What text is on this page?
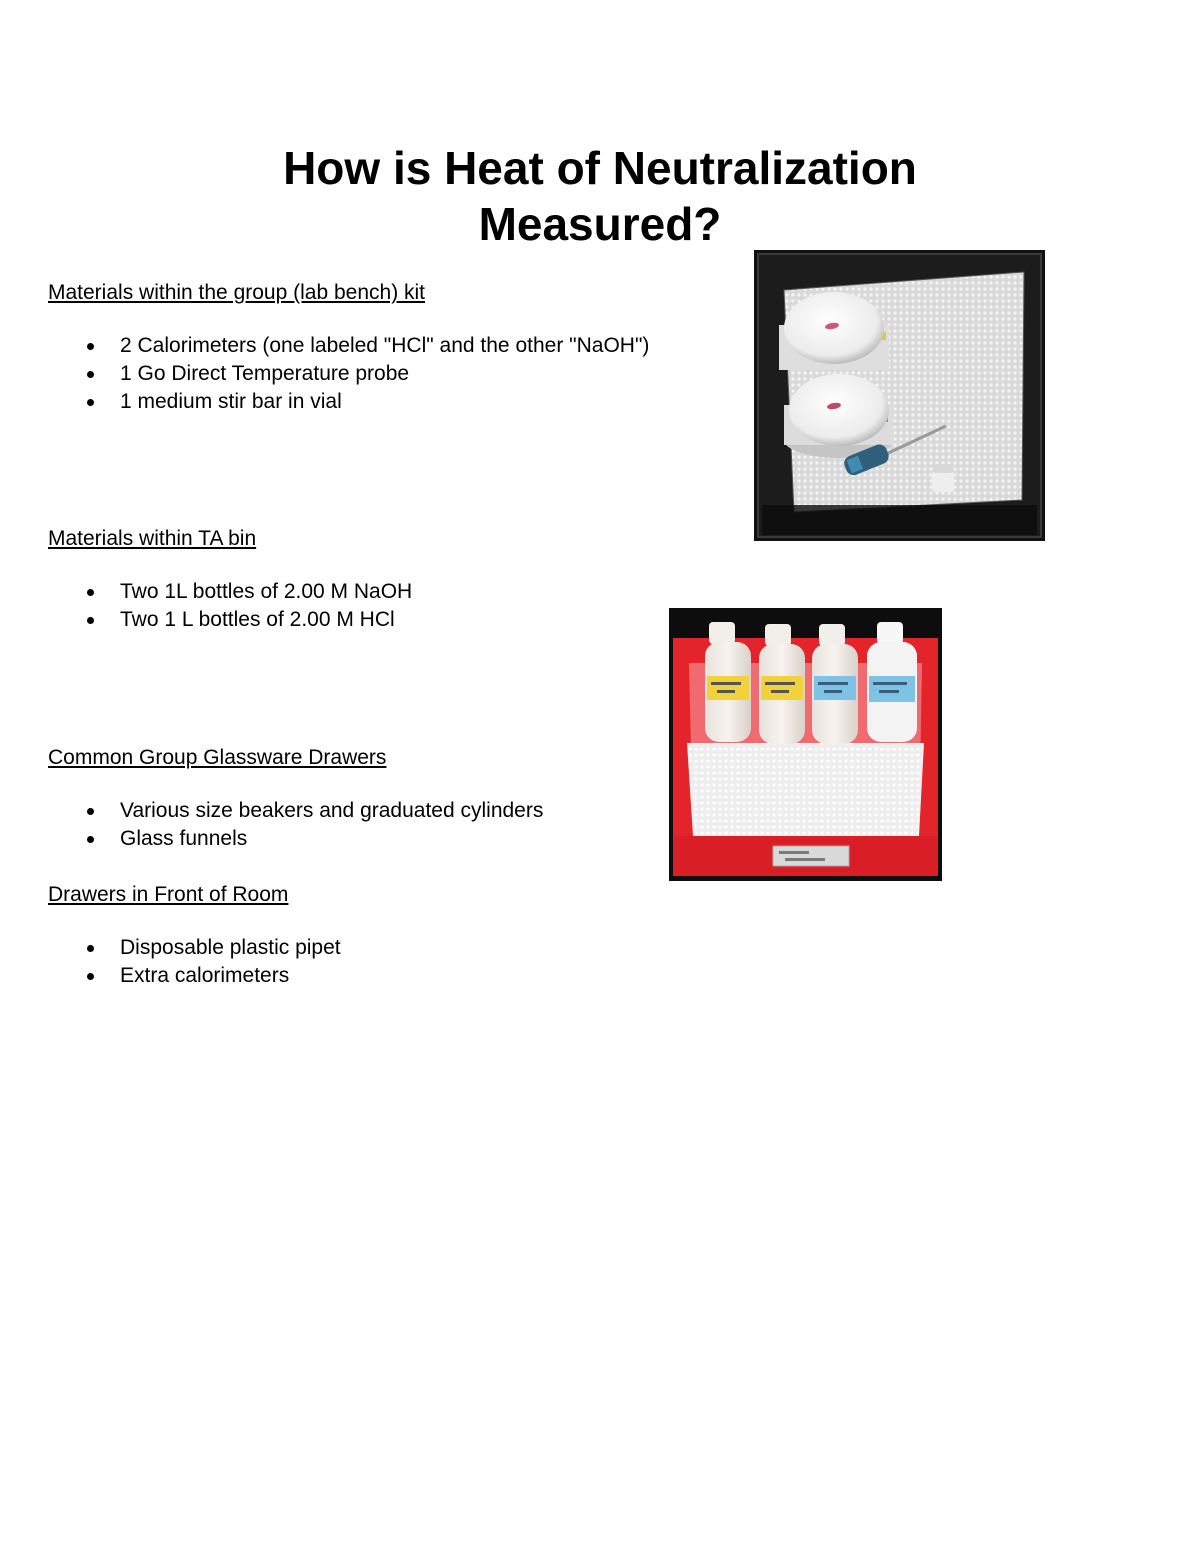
How is Heat of Neutralization
Measured?

Materials within the group (lab bench) kit

2 Calorimeters (one labeled "HCl" and the other "NaOH")
1 Go Direct Temperature probe
1 medium stir bar in vial

Materials within TA bin

Two 1L bottles of 2.00 M NaOH
Two 1 L bottles of 2.00 M HCl

Common Group Glassware Drawers

Various size beakers and graduated cylinders
Glass funnels

Drawers in Front of Room

Disposable plastic pipet
Extra calorimeters
